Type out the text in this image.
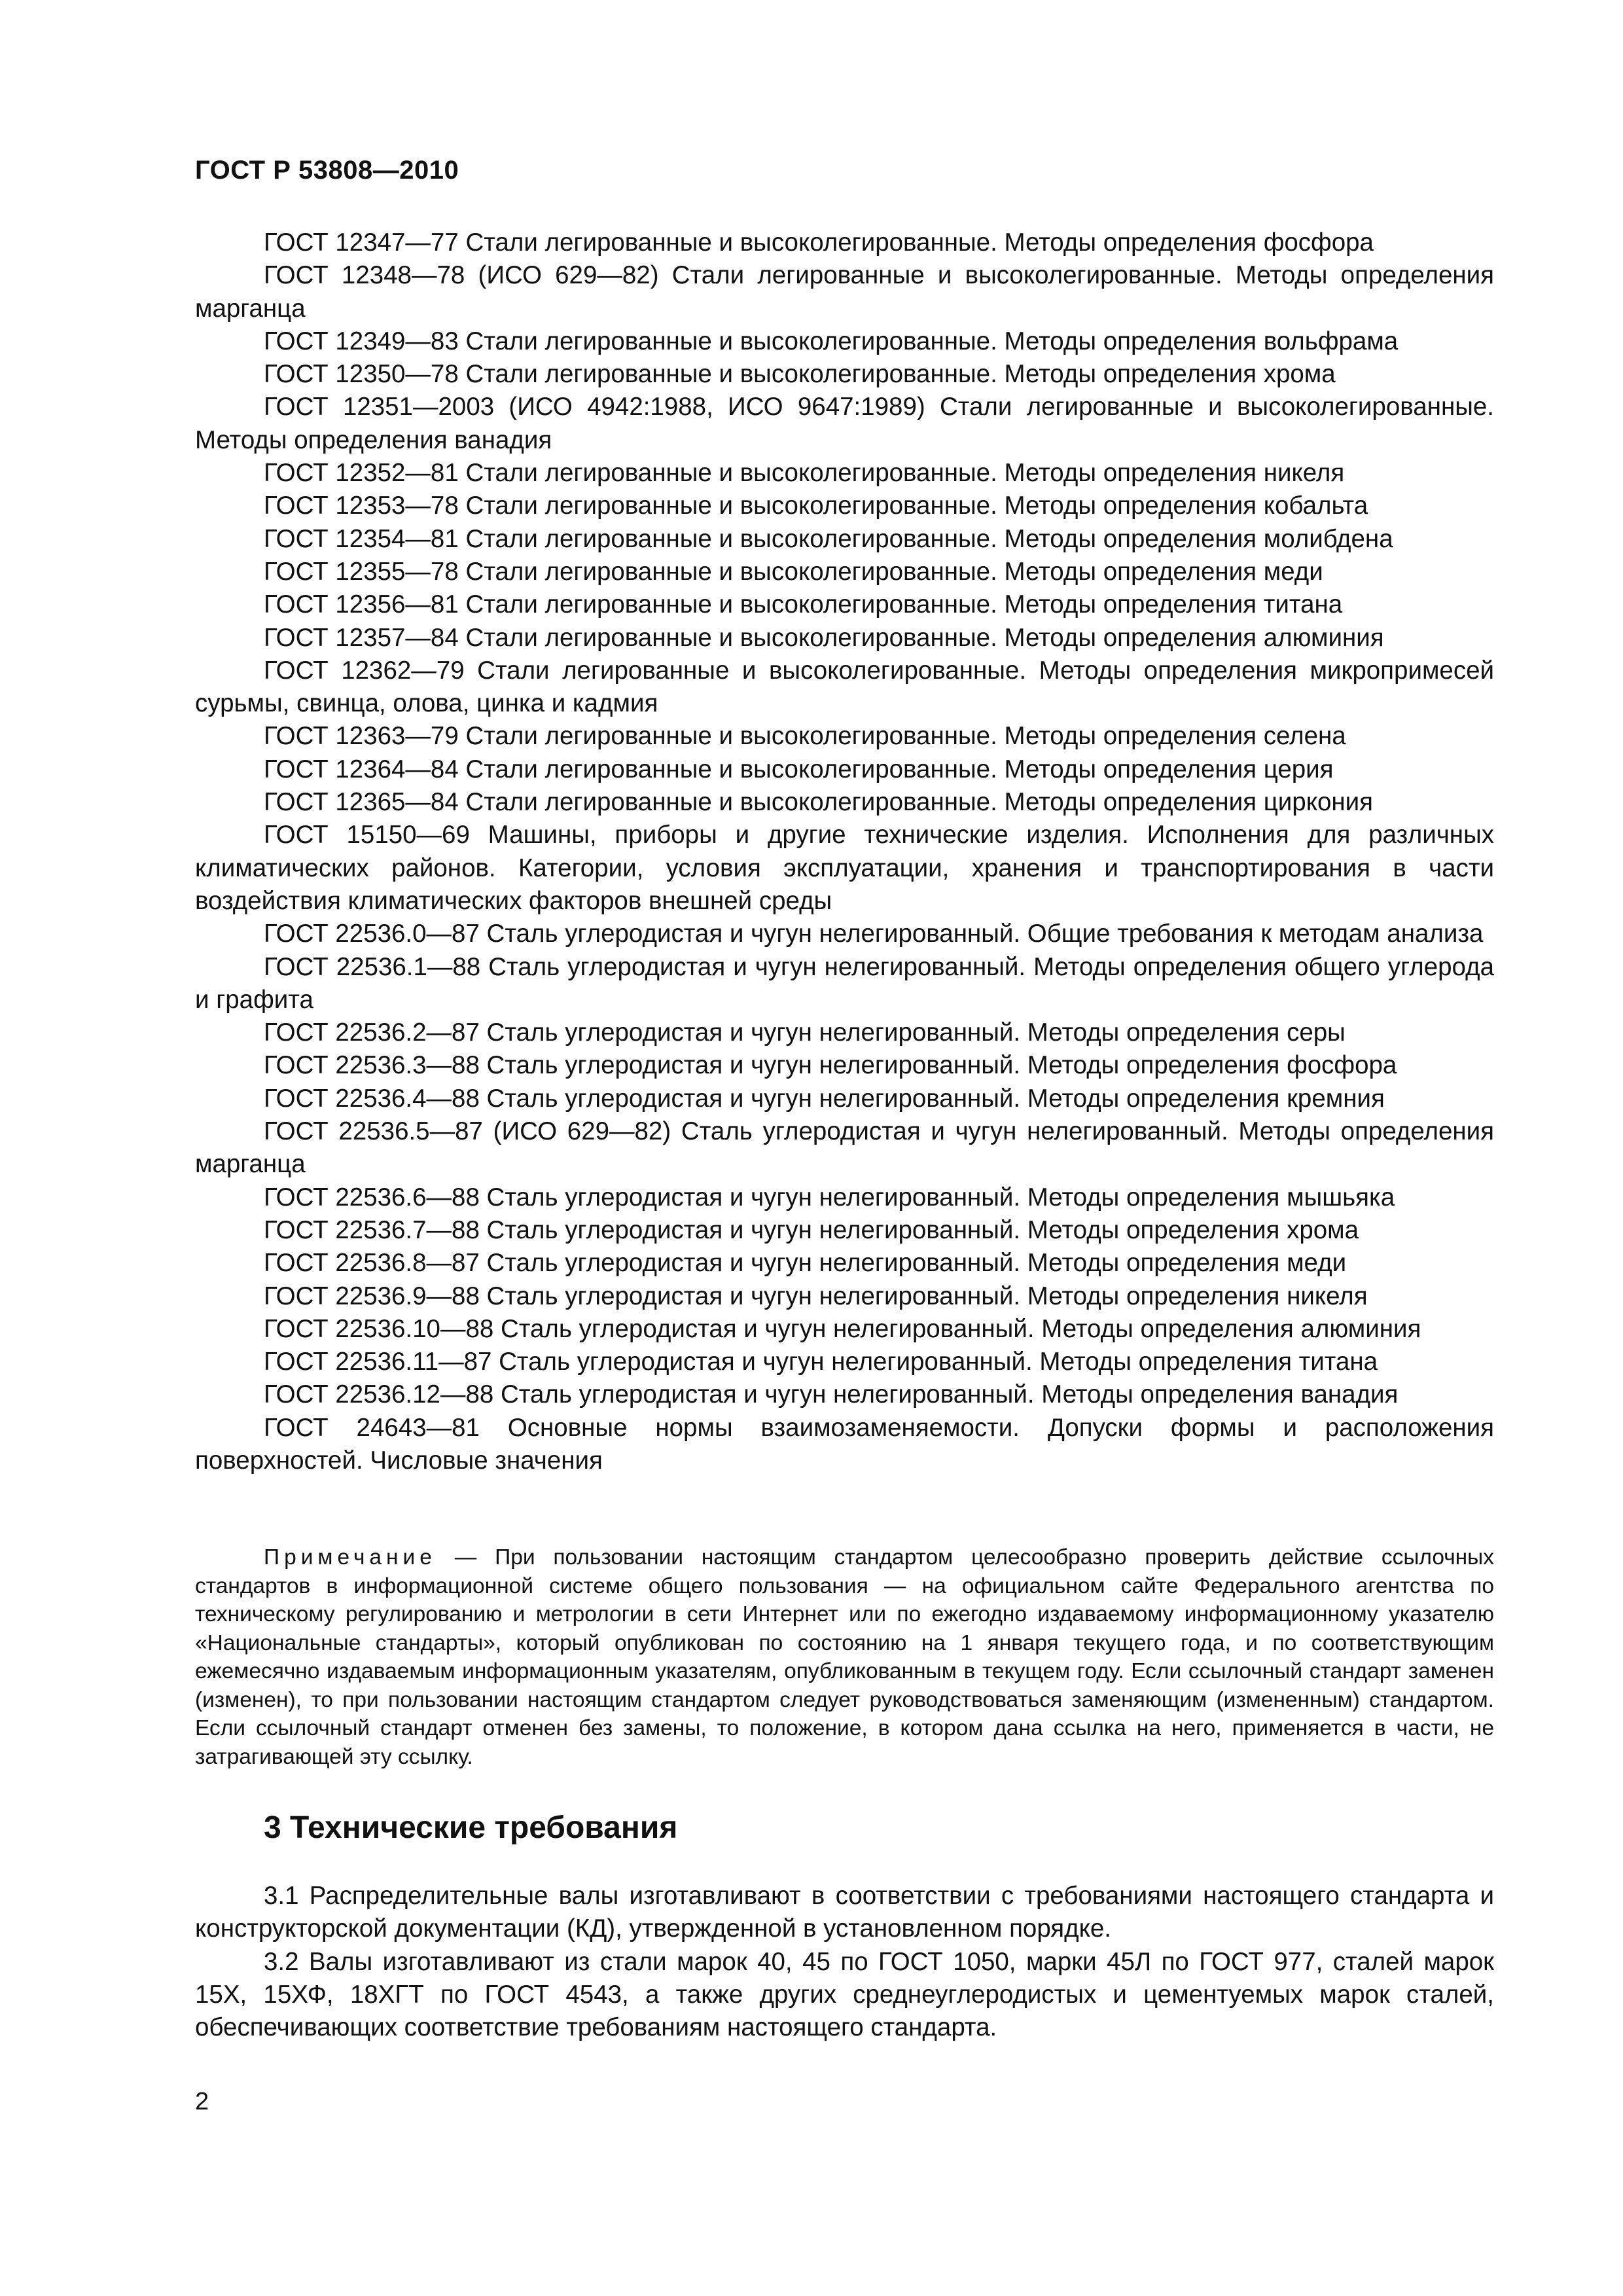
ГОСТ Р 53808—2010

ГОСТ 12347—77 Стали легированные и высоколегированные. Методы определения фосфора

ГОСТ 12348—78 (ИСО 629—82) Стали легированные и высоколегированные. Методы определения марганца

ГОСТ 12349—83 Стали легированные и высоколегированные. Методы определения вольфрама

ГОСТ 12350—78 Стали легированные и высоколегированные. Методы определения хрома

ГОСТ 12351—2003 (ИСО 4942:1988, ИСО 9647:1989) Стали легированные и высоколегированные. Методы определения ванадия

ГОСТ 12352—81 Стали легированные и высоколегированные. Методы определения никеля

ГОСТ 12353—78 Стали легированные и высоколегированные. Методы определения кобальта

ГОСТ 12354—81 Стали легированные и высоколегированные. Методы определения молибдена

ГОСТ 12355—78 Стали легированные и высоколегированные. Методы определения меди

ГОСТ 12356—81 Стали легированные и высоколегированные. Методы определения титана

ГОСТ 12357—84 Стали легированные и высоколегированные. Методы определения алюминия

ГОСТ 12362—79 Стали легированные и высоколегированные. Методы определения микропримесей сурьмы, свинца, олова, цинка и кадмия

ГОСТ 12363—79 Стали легированные и высоколегированные. Методы определения селена

ГОСТ 12364—84 Стали легированные и высоколегированные. Методы определения церия

ГОСТ 12365—84 Стали легированные и высоколегированные. Методы определения циркония

ГОСТ 15150—69 Машины, приборы и другие технические изделия. Исполнения для различных климатических районов. Категории, условия эксплуатации, хранения и транспортирования в части воздействия климатических факторов внешней среды

ГОСТ 22536.0—87 Сталь углеродистая и чугун нелегированный. Общие требования к методам анализа

ГОСТ 22536.1—88 Сталь углеродистая и чугун нелегированный. Методы определения общего углерода и графита

ГОСТ 22536.2—87 Сталь углеродистая и чугун нелегированный. Методы определения серы

ГОСТ 22536.3—88 Сталь углеродистая и чугун нелегированный. Методы определения фосфора

ГОСТ 22536.4—88 Сталь углеродистая и чугун нелегированный. Методы определения кремния

ГОСТ 22536.5—87 (ИСО 629—82) Сталь углеродистая и чугун нелегированный. Методы определения марганца

ГОСТ 22536.6—88 Сталь углеродистая и чугун нелегированный. Методы определения мышьяка

ГОСТ 22536.7—88 Сталь углеродистая и чугун нелегированный. Методы определения хрома

ГОСТ 22536.8—87 Сталь углеродистая и чугун нелегированный. Методы определения меди

ГОСТ 22536.9—88 Сталь углеродистая и чугун нелегированный. Методы определения никеля

ГОСТ 22536.10—88 Сталь углеродистая и чугун нелегированный. Методы определения алюминия

ГОСТ 22536.11—87 Сталь углеродистая и чугун нелегированный. Методы определения титана

ГОСТ 22536.12—88 Сталь углеродистая и чугун нелегированный. Методы определения ванадия

ГОСТ 24643—81 Основные нормы взаимозаменяемости. Допуски формы и расположения поверхностей. Числовые значения

Примечание — При пользовании настоящим стандартом целесообразно проверить действие ссылочных стандартов в информационной системе общего пользования — на официальном сайте Федерального агентства по техническому регулированию и метрологии в сети Интернет или по ежегодно издаваемому информационному указателю «Национальные стандарты», который опубликован по состоянию на 1 января текущего года, и по соответствующим ежемесячно издаваемым информационным указателям, опубликованным в текущем году. Если ссылочный стандарт заменен (изменен), то при пользовании настоящим стандартом следует руководствоваться заменяющим (измененным) стандартом. Если ссылочный стандарт отменен без замены, то положение, в котором дана ссылка на него, применяется в части, не затрагивающей эту ссылку.

3 Технические требования

3.1 Распределительные валы изготавливают в соответствии с требованиями настоящего стандарта и конструкторской документации (КД), утвержденной в установленном порядке.

3.2 Валы изготавливают из стали марок 40, 45 по ГОСТ 1050, марки 45Л по ГОСТ 977, сталей марок 15Х, 15ХФ, 18ХГТ по ГОСТ 4543, а также других среднеуглеродистых и цементуемых марок сталей, обеспечивающих соответствие требованиям настоящего стандарта.

2
